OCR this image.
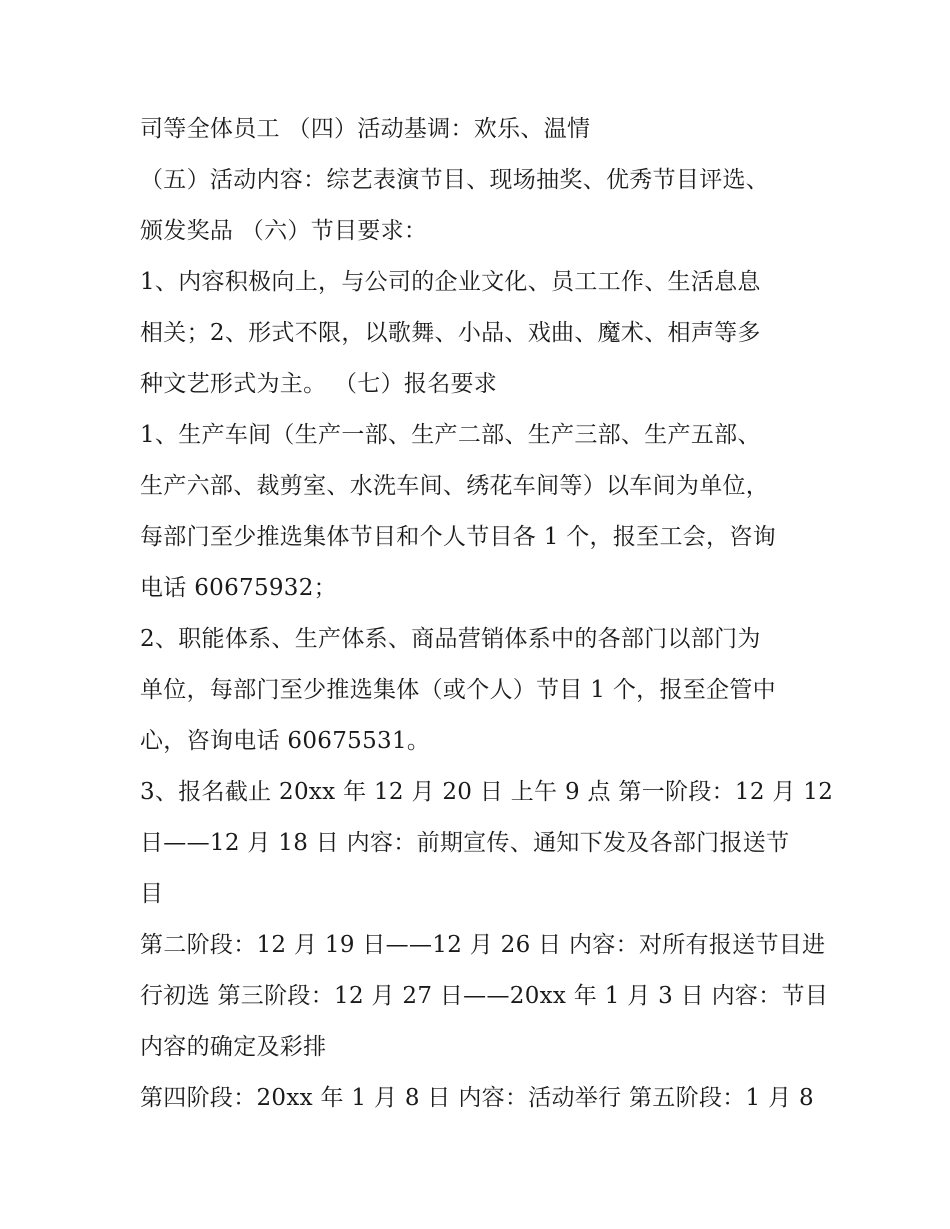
司等全体员工 （四）活动基调：欢乐、温情
（五）活动内容：综艺表演节目、现场抽奖、优秀节目评选、
颁发奖品 （六）节目要求：
1、内容积极向上，与公司的企业文化、员工工作、生活息息
相关；2、形式不限，以歌舞、小品、戏曲、魔术、相声等多
种文艺形式为主。 （七）报名要求
1、生产车间（生产一部、生产二部、生产三部、生产五部、
生产六部、裁剪室、水洗车间、绣花车间等）以车间为单位，
每部门至少推选集体节目和个人节目各 1 个，报至工会，咨询
电话 60675932；
2、职能体系、生产体系、商品营销体系中的各部门以部门为
单位，每部门至少推选集体（或个人）节目 1 个，报至企管中
心，咨询电话 60675531。
3、报名截止 20xx 年 12 月 20 日 上午 9 点 第一阶段：12 月 12
日——12 月 18 日 内容：前期宣传、通知下发及各部门报送节
目
第二阶段：12 月 19 日——12 月 26 日 内容：对所有报送节目进
行初选 第三阶段：12 月 27 日——20xx 年 1 月 3 日 内容：节目
内容的确定及彩排
第四阶段：20xx 年 1 月 8 日 内容：活动举行 第五阶段：1 月 8
